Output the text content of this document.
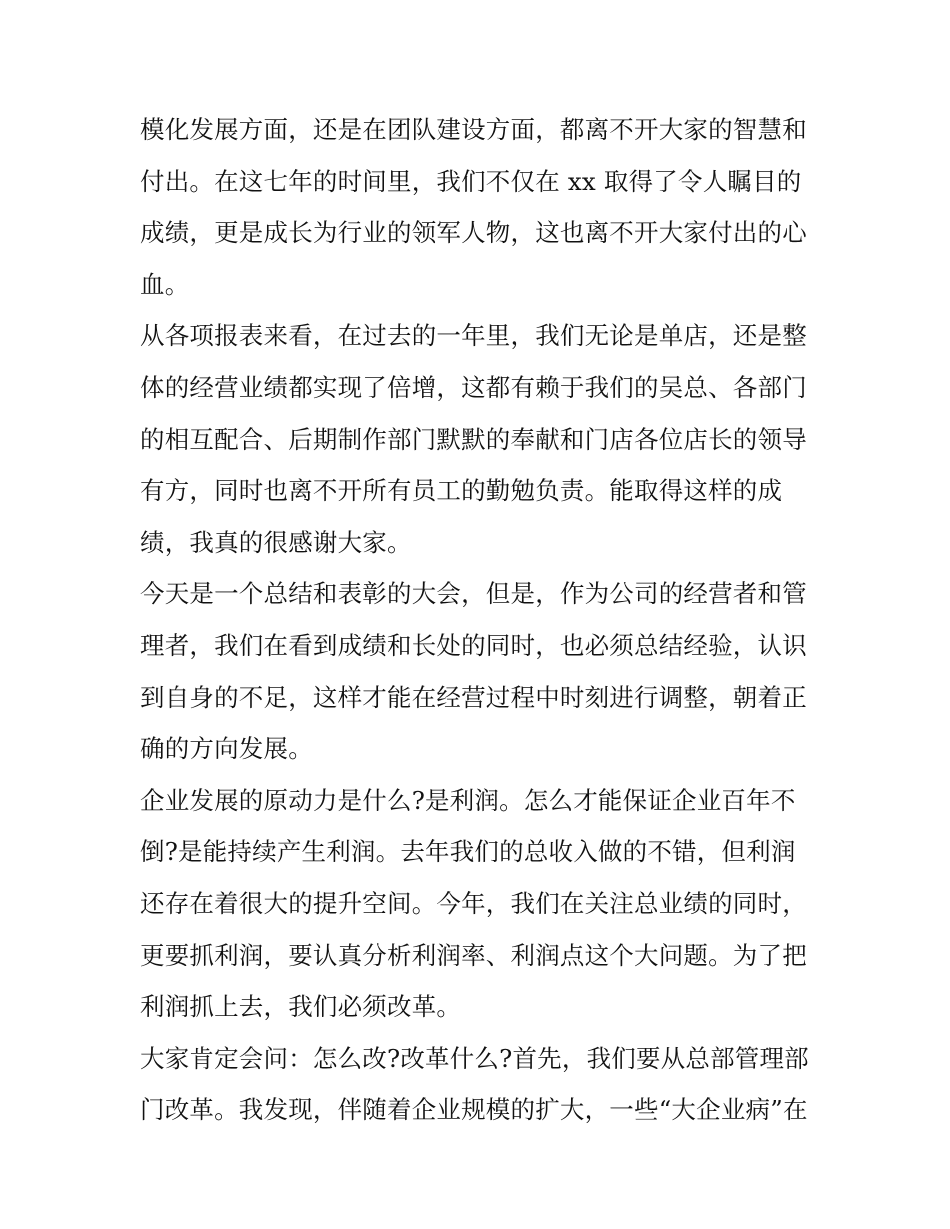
模化发展方面，还是在团队建设方面，都离不开大家的智慧和
付出。在这七年的时间里，我们不仅在 xx 取得了令人瞩目的
成绩，更是成长为行业的领军人物，这也离不开大家付出的心
血。
从各项报表来看，在过去的一年里，我们无论是单店，还是整
体的经营业绩都实现了倍增，这都有赖于我们的吴总、各部门
的相互配合、后期制作部门默默的奉献和门店各位店长的领导
有方，同时也离不开所有员工的勤勉负责。能取得这样的成
绩，我真的很感谢大家。
今天是一个总结和表彰的大会，但是，作为公司的经营者和管
理者，我们在看到成绩和长处的同时，也必须总结经验，认识
到自身的不足，这样才能在经营过程中时刻进行调整，朝着正
确的方向发展。
企业发展的原动力是什么?是利润。怎么才能保证企业百年不
倒?是能持续产生利润。去年我们的总收入做的不错，但利润
还存在着很大的提升空间。今年，我们在关注总业绩的同时，
更要抓利润，要认真分析利润率、利润点这个大问题。为了把
利润抓上去，我们必须改革。
大家肯定会问：怎么改?改革什么?首先，我们要从总部管理部
门改革。我发现，伴随着企业规模的扩大，一些“大企业病”在
